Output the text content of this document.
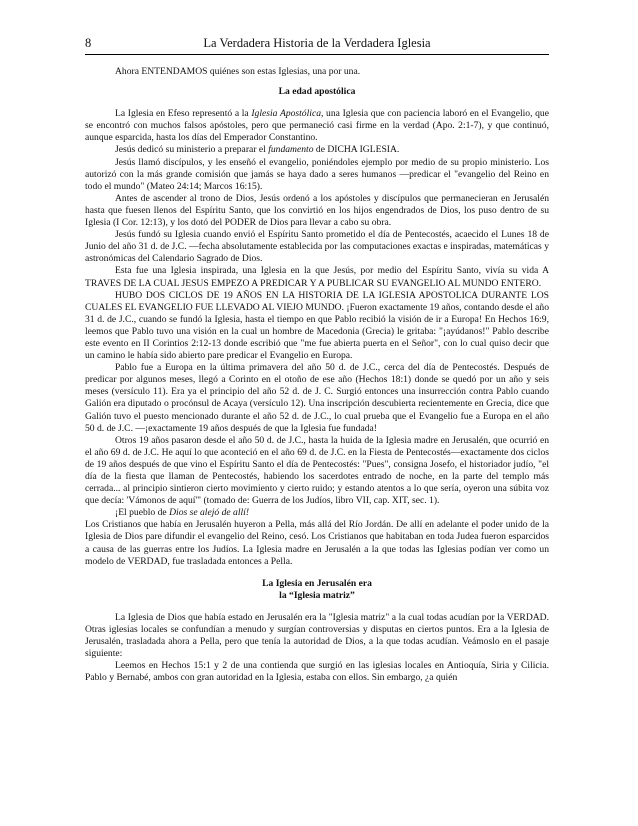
8	La Verdadera Historia de la Verdadera Iglesia

Ahora ENTENDAMOS quiénes son estas Iglesias, una por una.

La edad apostólica

La Iglesia en Efeso representó a la Iglesia Apostólica, una Iglesia que con paciencia laboró en el Evangelio, que se encontró con muchos falsos apóstoles, pero que permaneció casi firme en la verdad (Apo. 2:1-7), y que continuó, aunque esparcida, hasta los días del Emperador Constantino.

Jesús dedicó su ministerio a preparar el fundamento de DICHA IGLESIA.

Jesús llamó discípulos, y les enseñó el evangelio, poniéndoles ejemplo por medio de su propio ministerio. Los autorizó con la más grande comisión que jamás se haya dado a seres humanos —predicar el "evangelio del Reino en todo el mundo" (Mateo 24:14; Marcos 16:15).

Antes de ascender al trono de Dios, Jesús ordenó a los apóstoles y discípulos que permanecieran en Jerusalén hasta que fuesen llenos del Espíritu Santo, que los convirtió en los hijos engendrados de Dios, los puso dentro de su Iglesia (I Cor. 12:13), y los dotó del PODER de Dios para llevar a cabo su obra.

Jesús fundó su Iglesia cuando envió el Espíritu Santo prometido el día de Pentecostés, acaecido el Lunes 18 de Junio del año 31 d. de J.C. —fecha absolutamente establecida por las computaciones exactas e inspiradas, matemáticas y astronómicas del Calendario Sagrado de Dios.

Esta fue una Iglesia inspirada, una Iglesia en la que Jesús, por medio del Espíritu Santo, vivía su vida A TRAVES DE LA CUAL JESUS EMPEZO A PREDICAR Y A PUBLICAR SU EVANGELIO AL MUNDO ENTERO.

HUBO DOS CICLOS DE 19 AÑOS EN LA HISTORIA DE LA IGLESIA APOSTOLICA DURANTE LOS CUALES EL EVANGELIO FUE LLEVADO AL VIEJO MUNDO. ¡Fueron exactamente 19 años, contando desde el año 31 d. de J.C., cuando se fundó la Iglesia, hasta el tiempo en que Pablo recibió la visión de ir a Europa! En Hechos 16:9, leemos que Pablo tuvo una visión en la cual un hombre de Macedonia (Grecia) le gritaba: "¡ayúdanos!" Pablo describe este evento en II Corintios 2:12-13 donde escribió que "me fue abierta puerta en el Señor", con lo cual quiso decir que un camino le había sido abierto pare predicar el Evangelio en Europa.

Pablo fue a Europa en la última primavera del año 50 d. de J.C., cerca del día de Pentecostés. Después de predicar por algunos meses, llegó a Corinto en el otoño de ese año (Hechos 18:1) donde se quedó por un año y seis meses (versículo 11). Era ya el principio del año 52 d. de J. C. Surgió entonces una insurrección contra Pablo cuando Galión era diputado o procónsul de Acaya (versículo 12). Una inscripción descubierta recientemente en Grecia, dice que Galión tuvo el puesto mencionado durante el año 52 d. de J.C., lo cual prueba que el Evangelio fue a Europa en el año 50 d. de J.C. —¡exactamente 19 años después de que la Iglesia fue fundada!

Otros 19 años pasaron desde el año 50 d. de J.C., hasta la huida de la Iglesia madre en Jerusalén, que ocurrió en el año 69 d. de J.C. He aquí lo que aconteció en el año 69 d. de J.C. en la Fiesta de Pentecostés—exactamente dos ciclos de 19 años después de que vino el Espíritu Santo el día de Pentecostés: "Pues", consigna Josefo, el historiador judío, "el día de la fiesta que llaman de Pentecostés, habiendo los sacerdotes entrado de noche, en la parte del templo más cerrada... al principio sintieron cierto movimiento y cierto ruido; y estando atentos a lo que sería, oyeron una súbita voz que decía: 'Vámonos de aquí'" (tomado de: Guerra de los Judíos, libro VII, cap. XIT, sec. 1).

¡El pueblo de Dios se alejó de allí!

Los Cristianos que había en Jerusalén huyeron a Pella, más allá del Río Jordán. De allí en adelante el poder unido de la Iglesia de Dios pare difundir el evangelio del Reino, cesó. Los Cristianos que habitaban en toda Judea fueron esparcidos a causa de las guerras entre los Judíos. La Iglesia madre en Jerusalén a la que todas las Iglesias podían ver como un modelo de VERDAD, fue trasladada entonces a Pella.

La Iglesia en Jerusalén era
la “Iglesia matriz”

La Iglesia de Dios que había estado en Jerusalén era la "Iglesia matriz" a la cual todas acudían por la VERDAD. Otras iglesias locales se confundían a menudo y surgían controversias y disputas en ciertos puntos. Era a la Iglesia de Jerusalén, trasladada ahora a Pella, pero que tenía la autoridad de Dios, a la que todas acudían. Veámoslo en el pasaje siguiente:

Leemos en Hechos 15:1 y 2 de una contienda que surgió en las iglesias locales en Antioquía, Siria y Cilicia. Pablo y Bernabé, ambos con gran autoridad en la Iglesia, estaba con ellos. Sin embargo, ¿a quién
